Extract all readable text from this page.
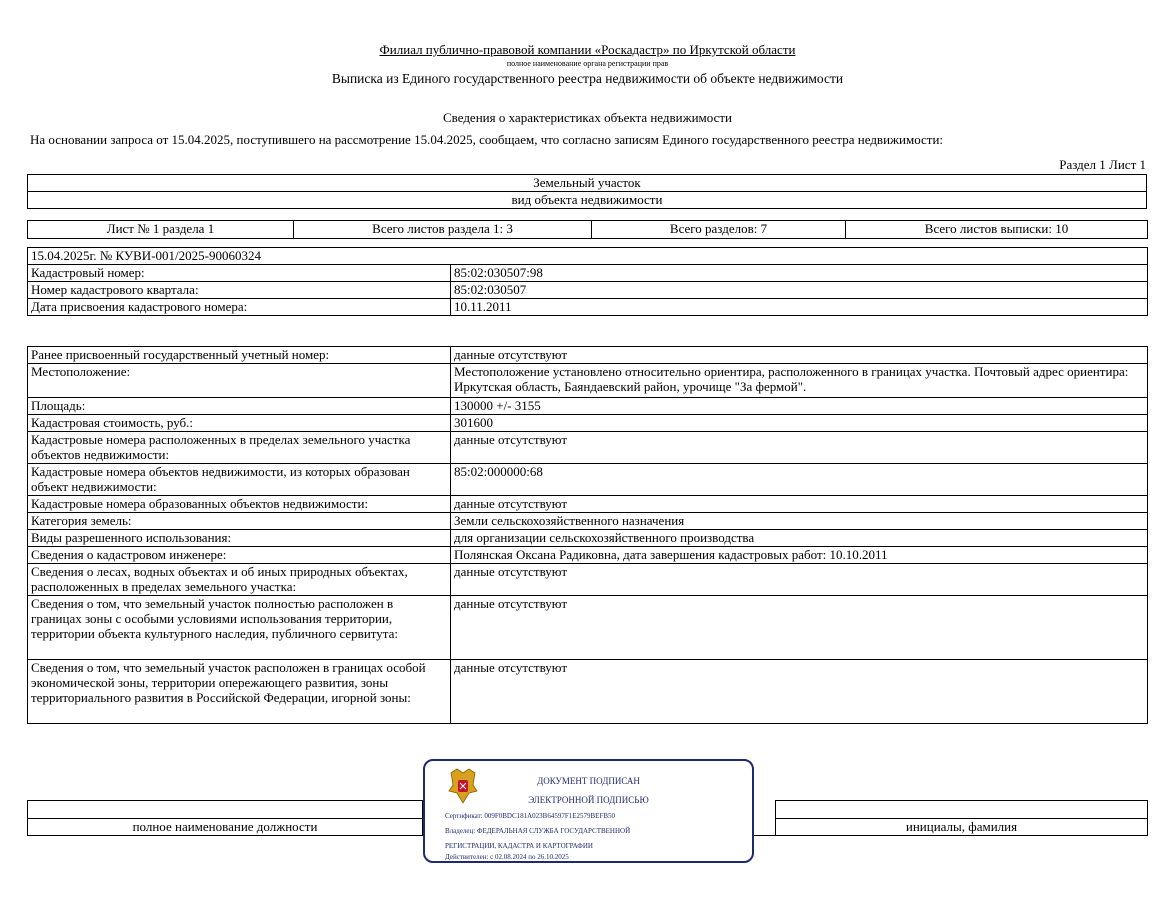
Филиал публично-правовой компании «Роскадастр» по Иркутской области
полное наименование органа регистрации прав
Выписка из Единого государственного реестра недвижимости об объекте недвижимости
Сведения о характеристиках объекта недвижимости
На основании запроса от 15.04.2025, поступившего на рассмотрение 15.04.2025, сообщаем, что согласно записям Единого государственного реестра недвижимости:
Раздел 1 Лист 1
Земельный участок
вид объекта недвижимости
Лист № 1 раздела 1	Всего листов раздела 1: 3	Всего разделов: 7	Всего листов выписки: 10
15.04.2025г. № КУВИ-001/2025-90060324	
Кадастровый номер:	85:02:030507:98
Номер кадастрового квартала:	85:02:030507
Дата присвоения кадастрового номера:	10.11.2011
Ранее присвоенный государственный учетный номер:	данные отсутствуют
Местоположение:	Местоположение установлено относительно ориентира, расположенного в границах участка. Почтовый адрес ориентира: Иркутская область, Баяндаевский район, урочище "За фермой".
Площадь:	130000 +/- 3155
Кадастровая стоимость, руб.:	301600
Кадастровые номера расположенных в пределах земельного участка объектов недвижимости:	данные отсутствуют
Кадастровые номера объектов недвижимости, из которых образован объект недвижимости:	85:02:000000:68
Кадастровые номера образованных объектов недвижимости:	данные отсутствуют
Категория земель:	Земли сельскохозяйственного назначения
Виды разрешенного использования:	для организации сельскохозяйственного производства
Сведения о кадастровом инженере:	Полянская Оксана Радиковна, дата завершения кадастровых работ: 10.10.2011
Сведения о лесах, водных объектах и об иных природных объектах, расположенных в пределах земельного участка:	данные отсутствуют
Сведения о том, что земельный участок полностью расположен в границах зоны с особыми условиями использования территории, территории объекта культурного наследия, публичного сервитута:	данные отсутствуют
Сведения о том, что земельный участок расположен в границах особой экономической зоны, территории опережающего развития, зоны территориального развития в Российской Федерации, игорной зоны:	данные отсутствуют

полное наименование должности		инициалы, фамилия
ДОКУМЕНТ ПОДПИСАН
ЭЛЕКТРОННОЙ ПОДПИСЬЮ
Сертификат: 009F0BDC181A023B64597F1E2579BEFB50
Владелец: ФЕДЕРАЛЬНАЯ СЛУЖБА ГОСУДАРСТВЕННОЙ
РЕГИСТРАЦИИ, КАДАСТРА И КАРТОГРАФИИ
Действителен: с 02.08.2024 по 26.10.2025
